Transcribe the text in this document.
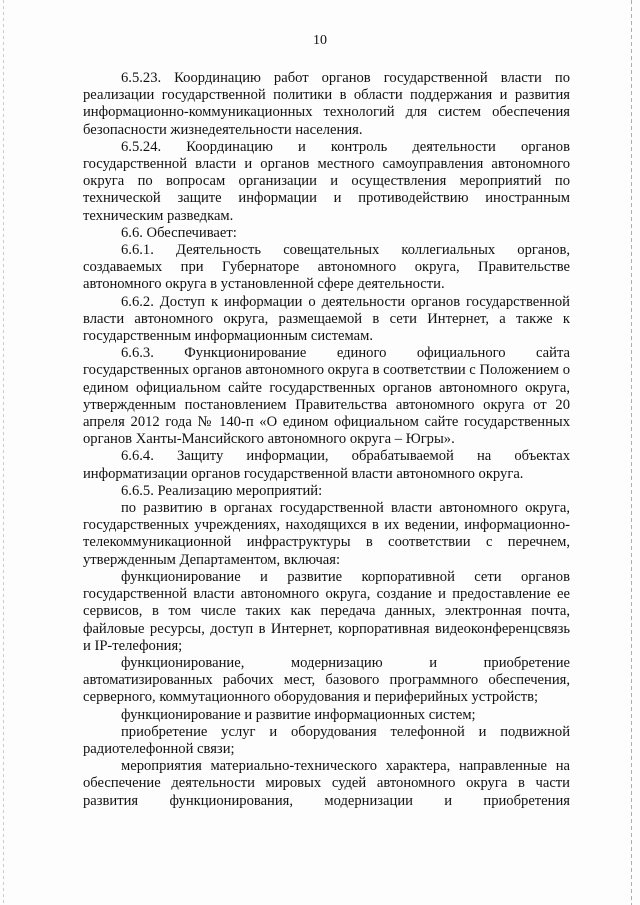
10

6.5.23. Координацию работ органов государственной власти по реализации государственной политики в области поддержания и развития информационно-коммуникационных технологий для систем обеспечения безопасности жизнедеятельности населения.

6.5.24. Координацию и контроль деятельности органов государственной власти и органов местного самоуправления автономного округа по вопросам организации и осуществления мероприятий по технической защите информации и противодействию иностранным техническим разведкам.

6.6. Обеспечивает:

6.6.1. Деятельность совещательных коллегиальных органов, создаваемых при Губернаторе автономного округа, Правительстве автономного округа в установленной сфере деятельности.

6.6.2. Доступ к информации о деятельности органов государственной власти автономного округа, размещаемой в сети Интернет, а также к государственным информационным системам.

6.6.3. Функционирование единого официального сайта государственных органов автономного округа в соответствии с Положением о едином официальном сайте государственных органов автономного округа, утвержденным постановлением Правительства автономного округа от 20 апреля 2012 года № 140-п «О едином официальном сайте государственных органов Ханты-Мансийского автономного округа – Югры».

6.6.4. Защиту информации, обрабатываемой на объектах информатизации органов государственной власти автономного округа.

6.6.5. Реализацию мероприятий:

по развитию в органах государственной власти автономного округа, государственных учреждениях, находящихся в их ведении, информационно-телекоммуникационной инфраструктуры в соответствии с перечнем, утвержденным Департаментом, включая:

функционирование и развитие корпоративной сети органов государственной власти автономного округа, создание и предоставление ее сервисов, в том числе таких как передача данных, электронная почта, файловые ресурсы, доступ в Интернет, корпоративная видеоконференцсвязь и IP-телефония;

функционирование, модернизацию и приобретение автоматизированных рабочих мест, базового программного обеспечения, серверного, коммутационного оборудования и периферийных устройств;

функционирование и развитие информационных систем;

приобретение услуг и оборудования телефонной и подвижной радиотелефонной связи;

мероприятия материально-технического характера, направленные на обеспечение деятельности мировых судей автономного округа в части развития функционирования, модернизации и приобретения
